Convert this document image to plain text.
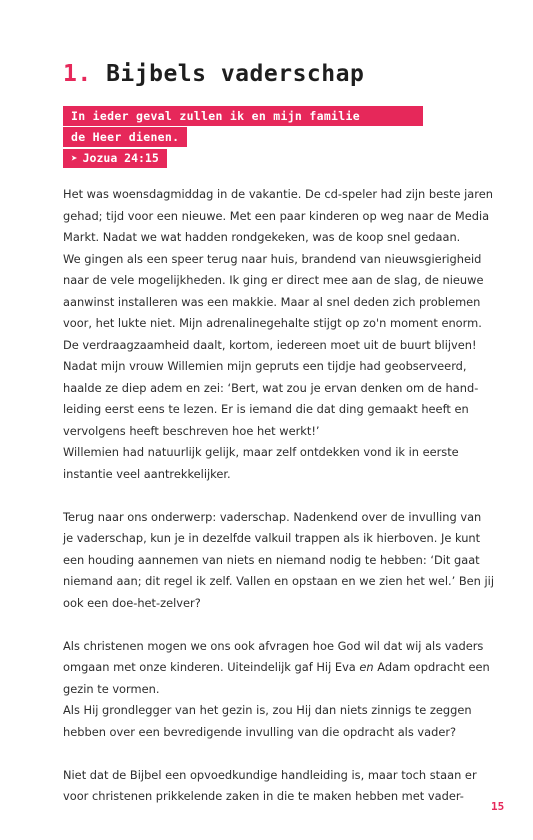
1. Bijbels vaderschap
In ieder geval zullen ik en mijn familie
de Heer dienen.
➤ Jozua 24:15

Het was woensdagmiddag in de vakantie. De cd-speler had zijn beste jaren
gehad; tijd voor een nieuwe. Met een paar kinderen op weg naar de Media
Markt. Nadat we wat hadden rondgekeken, was de koop snel gedaan.
We gingen als een speer terug naar huis, brandend van nieuwsgierigheid
naar de vele mogelijkheden. Ik ging er direct mee aan de slag, de nieuwe
aanwinst installeren was een makkie. Maar al snel deden zich problemen
voor, het lukte niet. Mijn adrenalinegehalte stijgt op zo'n moment enorm.
De verdraagzaamheid daalt, kortom, iedereen moet uit de buurt blijven!
Nadat mijn vrouw Willemien mijn gepruts een tijdje had geobserveerd,
haalde ze diep adem en zei: ‘Bert, wat zou je ervan denken om de hand-
leiding eerst eens te lezen. Er is iemand die dat ding gemaakt heeft en
vervolgens heeft beschreven hoe het werkt!’
Willemien had natuurlijk gelijk, maar zelf ontdekken vond ik in eerste
instantie veel aantrekkelijker.

Terug naar ons onderwerp: vaderschap. Nadenkend over de invulling van
je vaderschap, kun je in dezelfde valkuil trappen als ik hierboven. Je kunt
een houding aannemen van niets en niemand nodig te hebben: ‘Dit gaat
niemand aan; dit regel ik zelf. Vallen en opstaan en we zien het wel.’ Ben jij
ook een doe-het-zelver?

Als christenen mogen we ons ook afvragen hoe God wil dat wij als vaders
omgaan met onze kinderen. Uiteindelijk gaf Hij Eva en Adam opdracht een
gezin te vormen.
Als Hij grondlegger van het gezin is, zou Hij dan niets zinnigs te zeggen
hebben over een bevredigende invulling van die opdracht als vader?

Niet dat de Bijbel een opvoedkundige handleiding is, maar toch staan er
voor christenen prikkelende zaken in die te maken hebben met vader-

15
